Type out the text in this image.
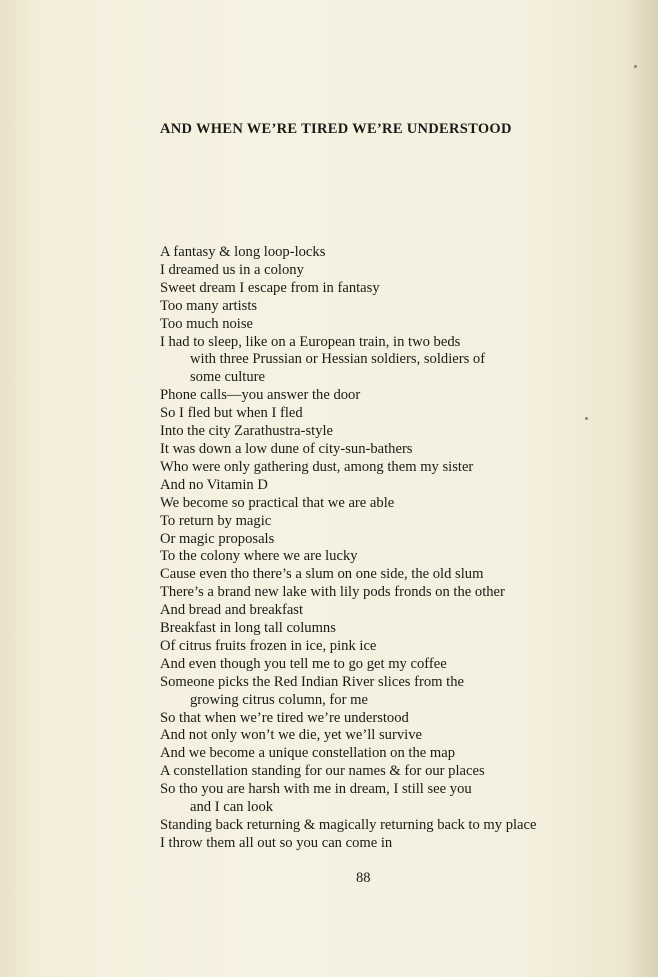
AND WHEN WE’RE TIRED WE’RE UNDERSTOOD
A fantasy & long loop-locks
I dreamed us in a colony
Sweet dream I escape from in fantasy
Too many artists
Too much noise
I had to sleep, like on a European train, in two beds
with three Prussian or Hessian soldiers, soldiers of
some culture
Phone calls—you answer the door
So I fled but when I fled
Into the city Zarathustra-style
It was down a low dune of city-sun-bathers
Who were only gathering dust, among them my sister
And no Vitamin D
We become so practical that we are able
To return by magic
Or magic proposals
To the colony where we are lucky
Cause even tho there’s a slum on one side, the old slum
There’s a brand new lake with lily pods fronds on the other
And bread and breakfast
Breakfast in long tall columns
Of citrus fruits frozen in ice, pink ice
And even though you tell me to go get my coffee
Someone picks the Red Indian River slices from the
growing citrus column, for me
So that when we’re tired we’re understood
And not only won’t we die, yet we’ll survive
And we become a unique constellation on the map
A constellation standing for our names & for our places
So tho you are harsh with me in dream, I still see you
and I can look
Standing back returning & magically returning back to my place
I throw them all out so you can come in
88
